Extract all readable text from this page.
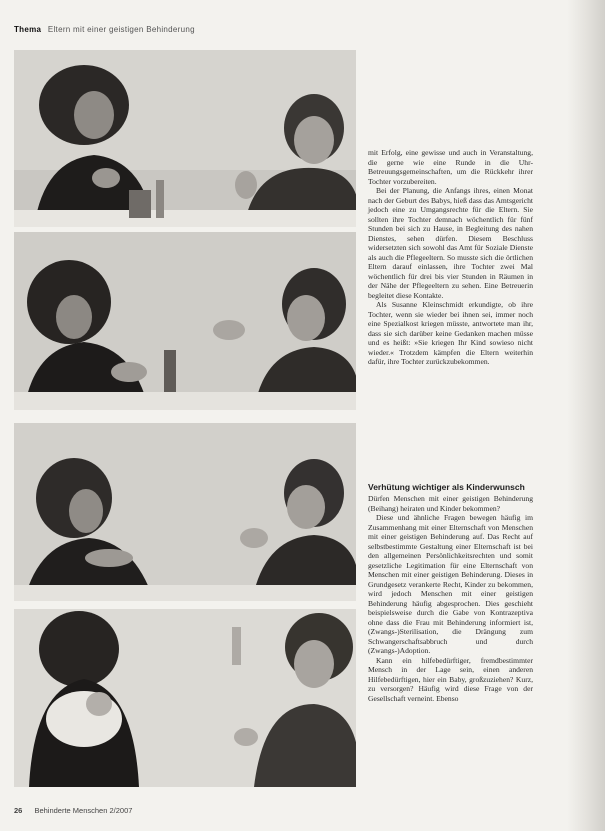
Thema Eltern mit einer geistigen Behinderung

mit Erfolg, eine gewisse und auch in Veranstaltung, die gerne wie eine Runde in die Uhr-Betreuungsgemeinschaften, um die Rückkehr ihrer Tochter vorzubereiten.

Bei der Planung, die Anfangs ihres, einen Monat nach der Geburt des Babys, hieß dass das Amtsgericht jedoch eine zu Umgangsrechte für die Eltern. Sie sollten ihre Tochter demnach wöchentlich für fünf Stunden bei sich zu Hause, in Begleitung des nahen Dienstes, sehen dürfen. Diesem Beschluss widersetzten sich sowohl das Amt für Soziale Dienste als auch die Pflegeeltern. So musste sich die örtlichen Eltern darauf einlassen, ihre Tochter zwei Mal wöchentlich für drei bis vier Stunden in Räumen in der Nähe der Pflegeeltern zu sehen. Eine Betreuerin begleitet diese Kontakte.

Als Susanne Kleinschmidt erkundigte, ob ihre Tochter, wenn sie wieder bei ihnen sei, immer noch eine Spezialkost kriegen müsste, antwortete man ihr, dass sie sich darüber keine Gedanken machen müsse und es heißt: »Sie kriegen Ihr Kind sowieso nicht wieder.« Trotzdem kämpfen die Eltern weiterhin dafür, ihre Tochter zurückzubekommen.

Verhütung wichtiger als Kinderwunsch

Dürfen Menschen mit einer geistigen Behinderung (Beihang) heiraten und Kinder bekommen?

Diese und ähnliche Fragen bewegen häufig im Zusammenhang mit einer Elternschaft von Menschen mit einer geistigen Behinderung auf. Das Recht auf selbstbestimmte Gestaltung einer Elternschaft ist bei den allgemeinen Persönlichkeitsrechten und somit gesetzliche Legitimation für eine Elternschaft von Menschen mit einer geistigen Behinderung. Dieses in Grundgesetz verankerte Recht, Kinder zu bekommen, wird jedoch Menschen mit einer geistigen Behinderung häufig abgesprochen. Dies geschieht beispielsweise durch die Gabe von Kontrazeptiva ohne dass die Frau mit Behinderung informiert ist, (Zwangs-)Sterilisation, die Drängung zum Schwangerschaftsabbruch und durch (Zwangs-)Adoption.

Kann ein hilfebedürftiger, fremdbestimmter Mensch in der Lage sein, einen anderen Hilfebedürftigen, hier ein Baby, großzuziehen? Kurz, zu versorgen? Häufig wird diese Frage von der Gesellschaft verneint. Ebenso

26 Behinderte Menschen 2/2007
